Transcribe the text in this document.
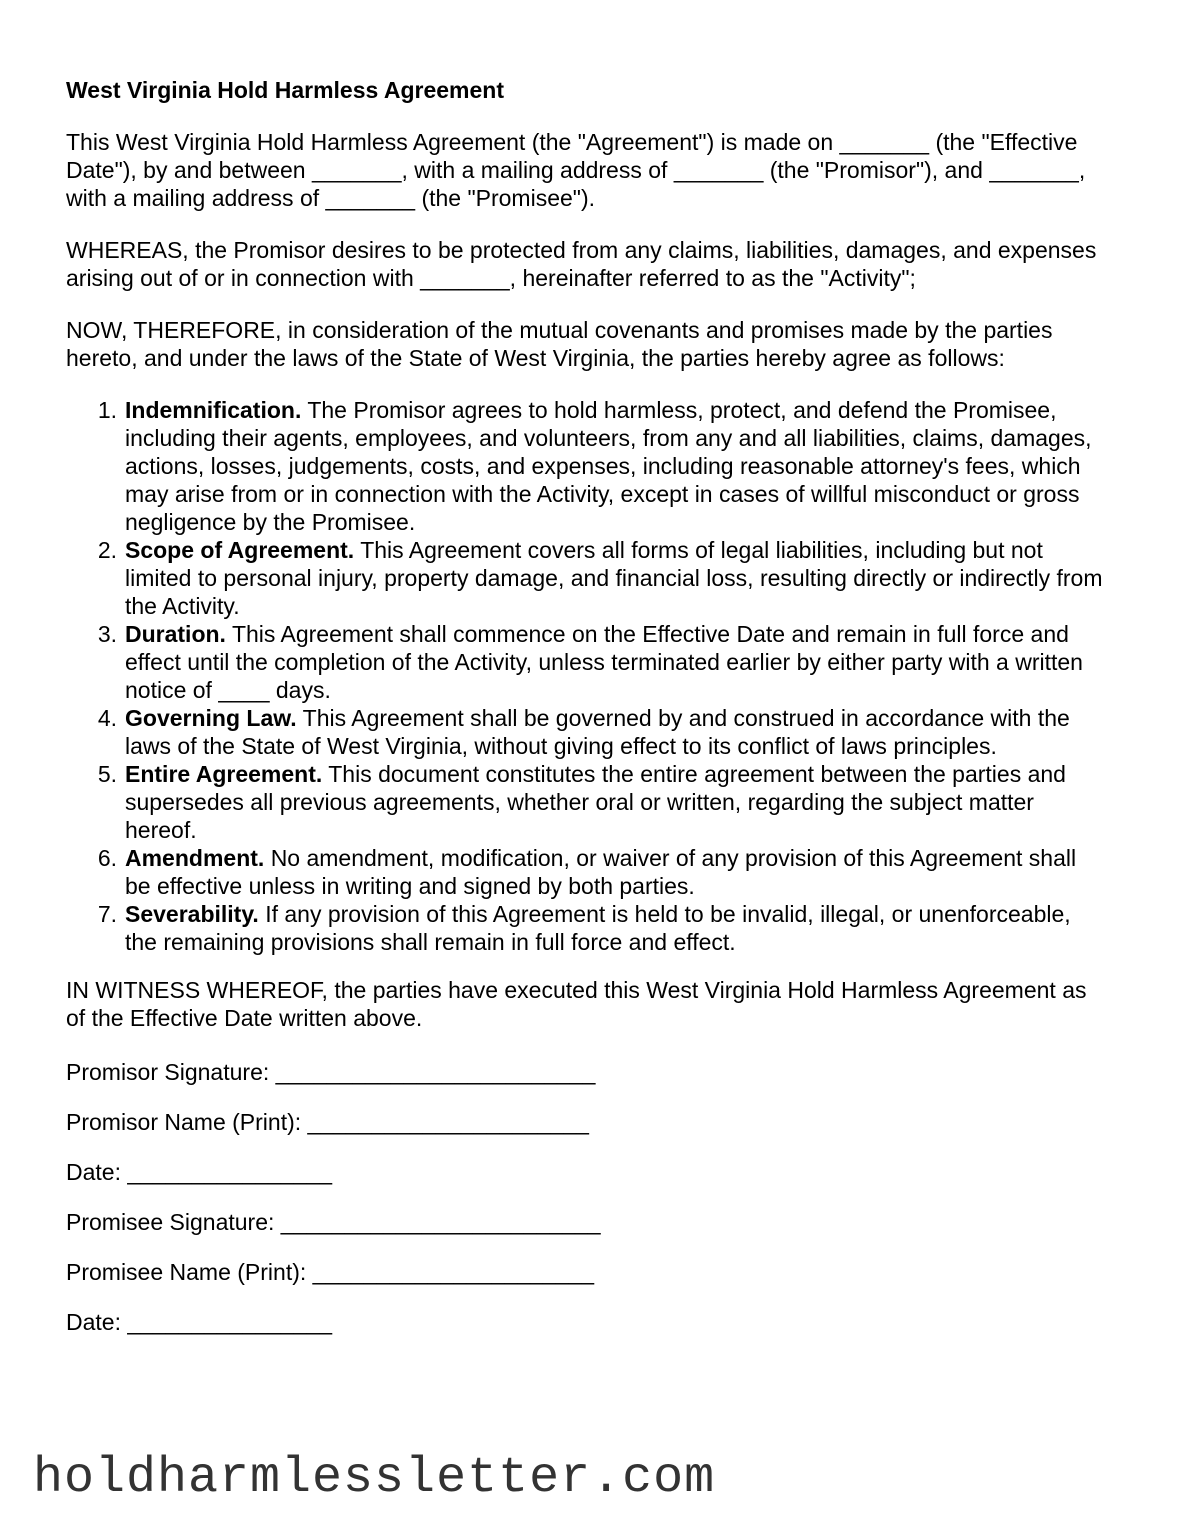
West Virginia Hold Harmless Agreement

This West Virginia Hold Harmless Agreement (the "Agreement") is made on _______ (the "Effective Date"), by and between _______, with a mailing address of _______ (the "Promisor"), and _______, with a mailing address of _______ (the "Promisee").

WHEREAS, the Promisor desires to be protected from any claims, liabilities, damages, and expenses arising out of or in connection with _______, hereinafter referred to as the "Activity";

NOW, THEREFORE, in consideration of the mutual covenants and promises made by the parties hereto, and under the laws of the State of West Virginia, the parties hereby agree as follows:

1. Indemnification. The Promisor agrees to hold harmless, protect, and defend the Promisee, including their agents, employees, and volunteers, from any and all liabilities, claims, damages, actions, losses, judgements, costs, and expenses, including reasonable attorney's fees, which may arise from or in connection with the Activity, except in cases of willful misconduct or gross negligence by the Promisee.
2. Scope of Agreement. This Agreement covers all forms of legal liabilities, including but not limited to personal injury, property damage, and financial loss, resulting directly or indirectly from the Activity.
3. Duration. This Agreement shall commence on the Effective Date and remain in full force and effect until the completion of the Activity, unless terminated earlier by either party with a written notice of ____ days.
4. Governing Law. This Agreement shall be governed by and construed in accordance with the laws of the State of West Virginia, without giving effect to its conflict of laws principles.
5. Entire Agreement. This document constitutes the entire agreement between the parties and supersedes all previous agreements, whether oral or written, regarding the subject matter hereof.
6. Amendment. No amendment, modification, or waiver of any provision of this Agreement shall be effective unless in writing and signed by both parties.
7. Severability. If any provision of this Agreement is held to be invalid, illegal, or unenforceable, the remaining provisions shall remain in full force and effect.

IN WITNESS WHEREOF, the parties have executed this West Virginia Hold Harmless Agreement as of the Effective Date written above.

Promisor Signature: _________________________
Promisor Name (Print): ______________________
Date: ________________
Promisee Signature: _________________________
Promisee Name (Print): ______________________
Date: ________________
holdharmlessletter.com
